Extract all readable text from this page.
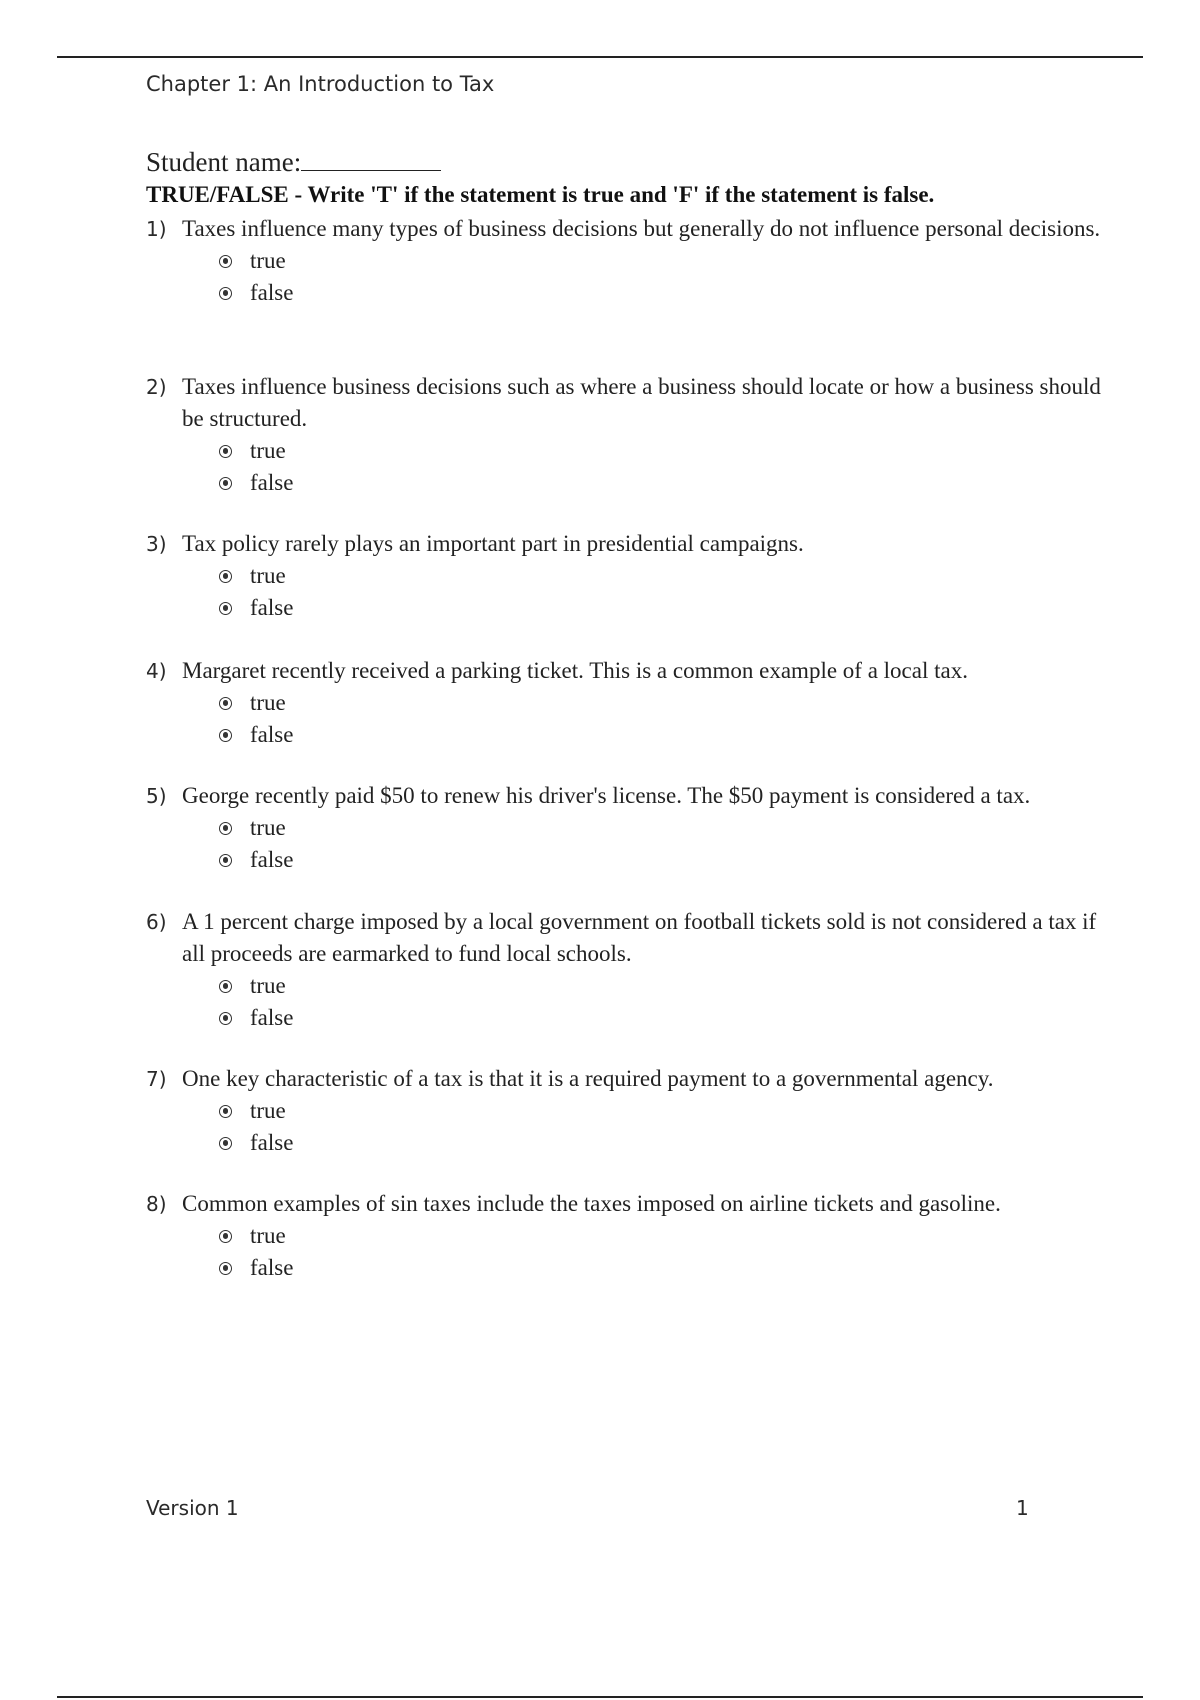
Chapter 1: An Introduction to Tax
Student name:
TRUE/FALSE - Write 'T' if the statement is true and 'F' if the statement is false.
1) Taxes influence many types of business decisions but generally do not influence personal decisions.
true
false
2) Taxes influence business decisions such as where a business should locate or how a business should be structured.
true
false
3) Tax policy rarely plays an important part in presidential campaigns.
true
false
4) Margaret recently received a parking ticket. This is a common example of a local tax.
true
false
5) George recently paid $50 to renew his driver's license. The $50 payment is considered a tax.
true
false
6) A 1 percent charge imposed by a local government on football tickets sold is not considered a tax if all proceeds are earmarked to fund local schools.
true
false
7) One key characteristic of a tax is that it is a required payment to a governmental agency.
true
false
8) Common examples of sin taxes include the taxes imposed on airline tickets and gasoline.
true
false
Version 1	1
